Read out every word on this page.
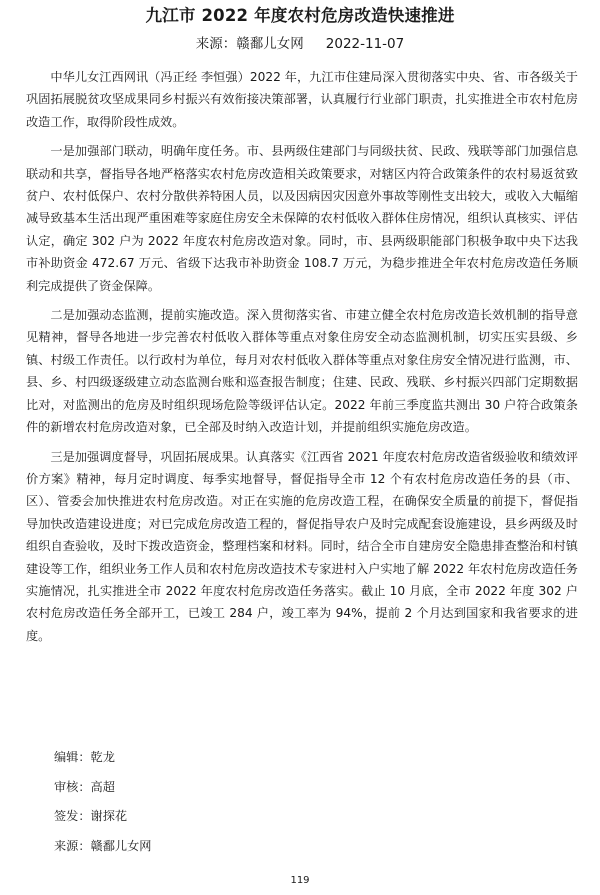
九江市 2022 年度农村危房改造快速推进
来源：赣鄱儿女网 2022-11-07

中华儿女江西网讯（冯正经 李恒强）2022 年，九江市住建局深入贯彻落实中央、省、市各级关于巩固拓展脱贫攻坚成果同乡村振兴有效衔接决策部署，认真履行行业部门职责，扎实推进全市农村危房改造工作，取得阶段性成效。

一是加强部门联动，明确年度任务。市、县两级住建部门与同级扶贫、民政、残联等部门加强信息联动和共享，督指导各地严格落实农村危房改造相关政策要求，对辖区内符合政策条件的农村易返贫致贫户、农村低保户、农村分散供养特困人员，以及因病因灾因意外事故等刚性支出较大，或收入大幅缩减导致基本生活出现严重困难等家庭住房安全未保障的农村低收入群体住房情况，组织认真核实、评估认定，确定 302 户为 2022 年度农村危房改造对象。同时，市、县两级职能部门积极争取中央下达我市补助资金 472.67 万元、省级下达我市补助资金 108.7 万元，为稳步推进全年农村危房改造任务顺利完成提供了资金保障。

二是加强动态监测，提前实施改造。深入贯彻落实省、市建立健全农村危房改造长效机制的指导意见精神，督导各地进一步完善农村低收入群体等重点对象住房安全动态监测机制，切实压实县级、乡镇、村级工作责任。以行政村为单位，每月对农村低收入群体等重点对象住房安全情况进行监测，市、县、乡、村四级逐级建立动态监测台账和巡查报告制度；住建、民政、残联、乡村振兴四部门定期数据比对，对监测出的危房及时组织现场危险等级评估认定。2022 年前三季度监共测出 30 户符合政策条件的新增农村危房改造对象，已全部及时纳入改造计划，并提前组织实施危房改造。

三是加强调度督导，巩固拓展成果。认真落实《江西省 2021 年度农村危房改造省级验收和绩效评价方案》精神，每月定时调度、每季实地督导，督促指导全市 12 个有农村危房改造任务的县（市、区）、管委会加快推进农村危房改造。对正在实施的危房改造工程，在确保安全质量的前提下，督促指导加快改造建设进度；对已完成危房改造工程的，督促指导农户及时完成配套设施建设，县乡两级及时组织自查验收，及时下拨改造资金，整理档案和材料。同时，结合全市自建房安全隐患排查整治和村镇建设等工作，组织业务工作人员和农村危房改造技术专家进村入户实地了解 2022 年农村危房改造任务实施情况，扎实推进全市 2022 年度农村危房改造任务落实。截止 10 月底，全市 2022 年度 302 户农村危房改造任务全部开工，已竣工 284 户，竣工率为 94%，提前 2 个月达到国家和我省要求的进度。

编辑：乾龙
审核：高超
签发：谢探花
来源：赣鄱儿女网
119
